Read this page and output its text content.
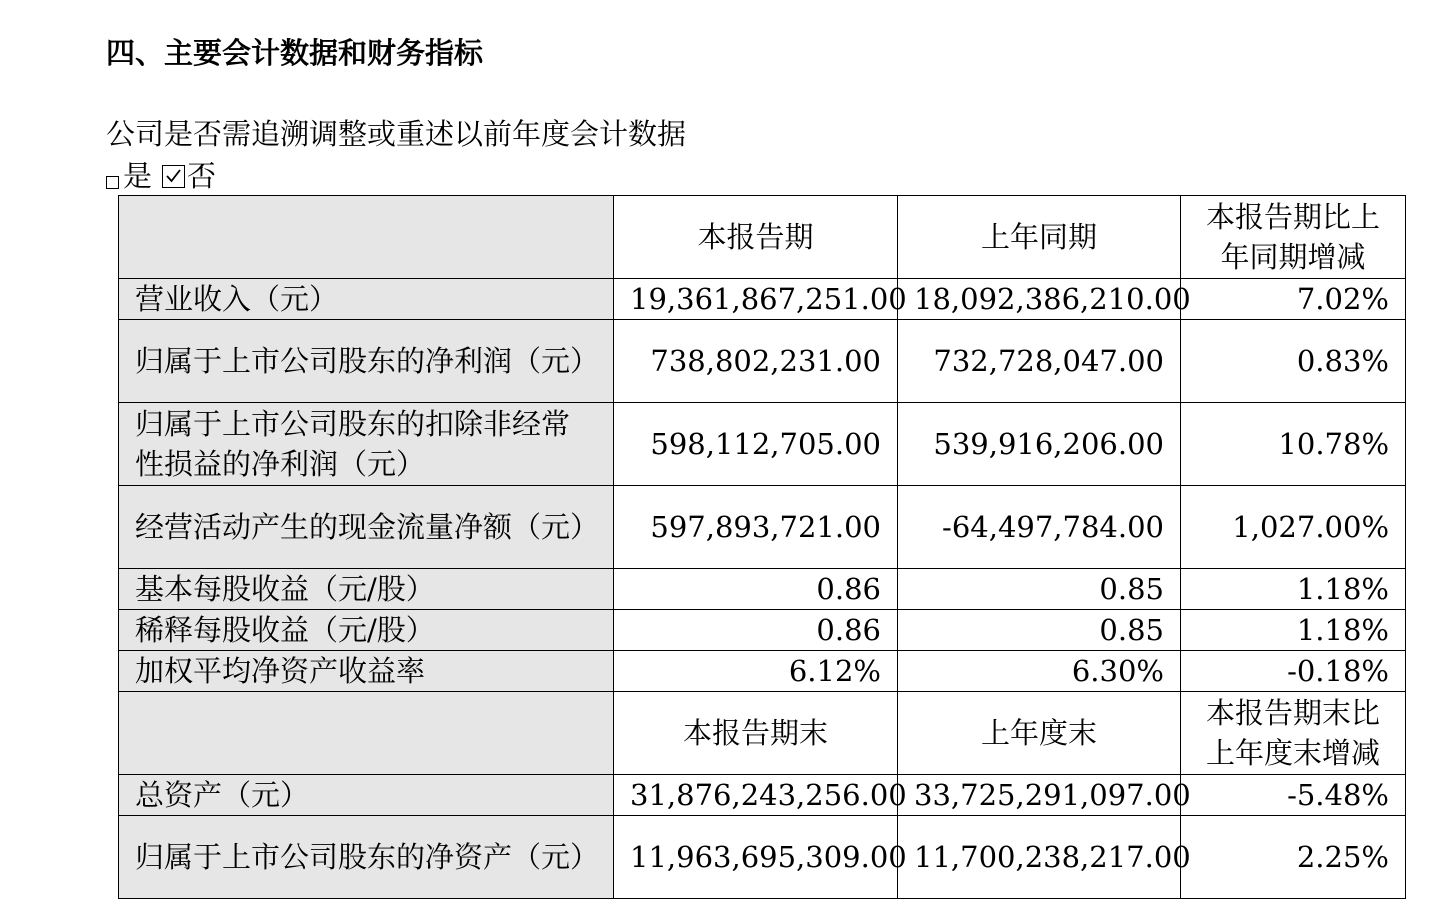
四、主要会计数据和财务指标
公司是否需追溯调整或重述以前年度会计数据
是 否
	本报告期	上年同期	本报告期比上年同期增减
营业收入（元）	19,361,867,251.00	18,092,386,210.00	7.02%
归属于上市公司股东的净利润（元）	738,802,231.00	732,728,047.00	0.83%
归属于上市公司股东的扣除非经常性损益的净利润（元）	598,112,705.00	539,916,206.00	10.78%
经营活动产生的现金流量净额（元）	597,893,721.00	-64,497,784.00	1,027.00%
基本每股收益（元/股）	0.86	0.85	1.18%
稀释每股收益（元/股）	0.86	0.85	1.18%
加权平均净资产收益率	6.12%	6.30%	-0.18%
	本报告期末	上年度末	本报告期末比上年度末增减
总资产（元）	31,876,243,256.00	33,725,291,097.00	-5.48%
归属于上市公司股东的净资产（元）	11,963,695,309.00	11,700,238,217.00	2.25%
